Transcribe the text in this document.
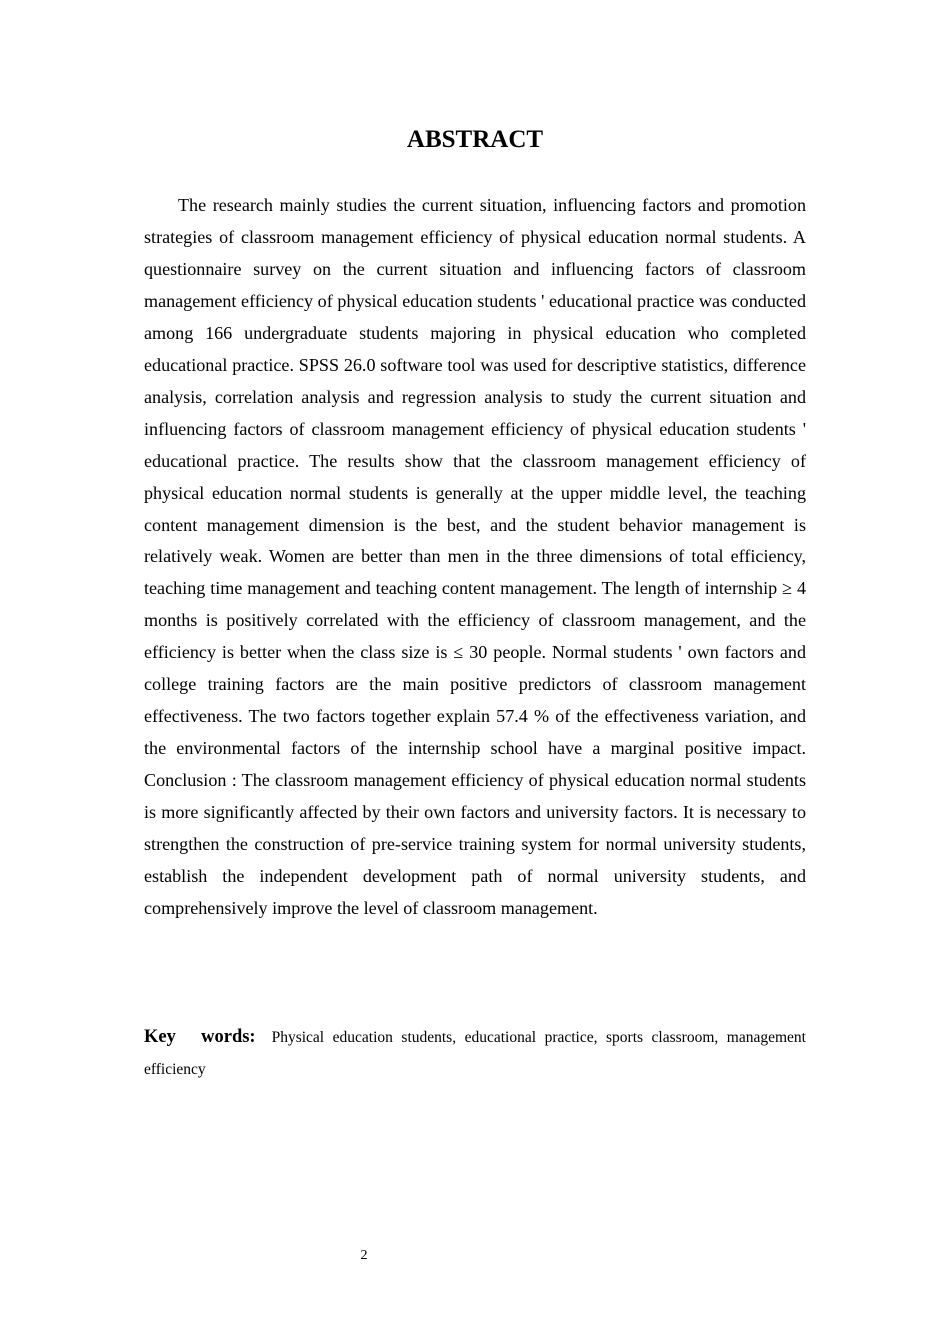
ABSTRACT

The research mainly studies the current situation, influencing factors and promotion strategies of classroom management efficiency of physical education normal students. A questionnaire survey on the current situation and influencing factors of classroom management efficiency of physical education students ' educational practice was conducted among 166 undergraduate students majoring in physical education who completed educational practice. SPSS 26.0 software tool was used for descriptive statistics, difference analysis, correlation analysis and regression analysis to study the current situation and influencing factors of classroom management efficiency of physical education students ' educational practice. The results show that the classroom management efficiency of physical education normal students is generally at the upper middle level, the teaching content management dimension is the best, and the student behavior management is relatively weak. Women are better than men in the three dimensions of total efficiency, teaching time management and teaching content management. The length of internship ≥ 4 months is positively correlated with the efficiency of classroom management, and the efficiency is better when the class size is ≤ 30 people. Normal students ' own factors and college training factors are the main positive predictors of classroom management effectiveness. The two factors together explain 57.4 % of the effectiveness variation, and the environmental factors of the internship school have a marginal positive impact. Conclusion : The classroom management efficiency of physical education normal students is more significantly affected by their own factors and university factors. It is necessary to strengthen the construction of pre-service training system for normal university students, establish the independent development path of normal university students, and comprehensively improve the level of classroom management.

Key words: Physical education students, educational practice, sports classroom, management efficiency

2
